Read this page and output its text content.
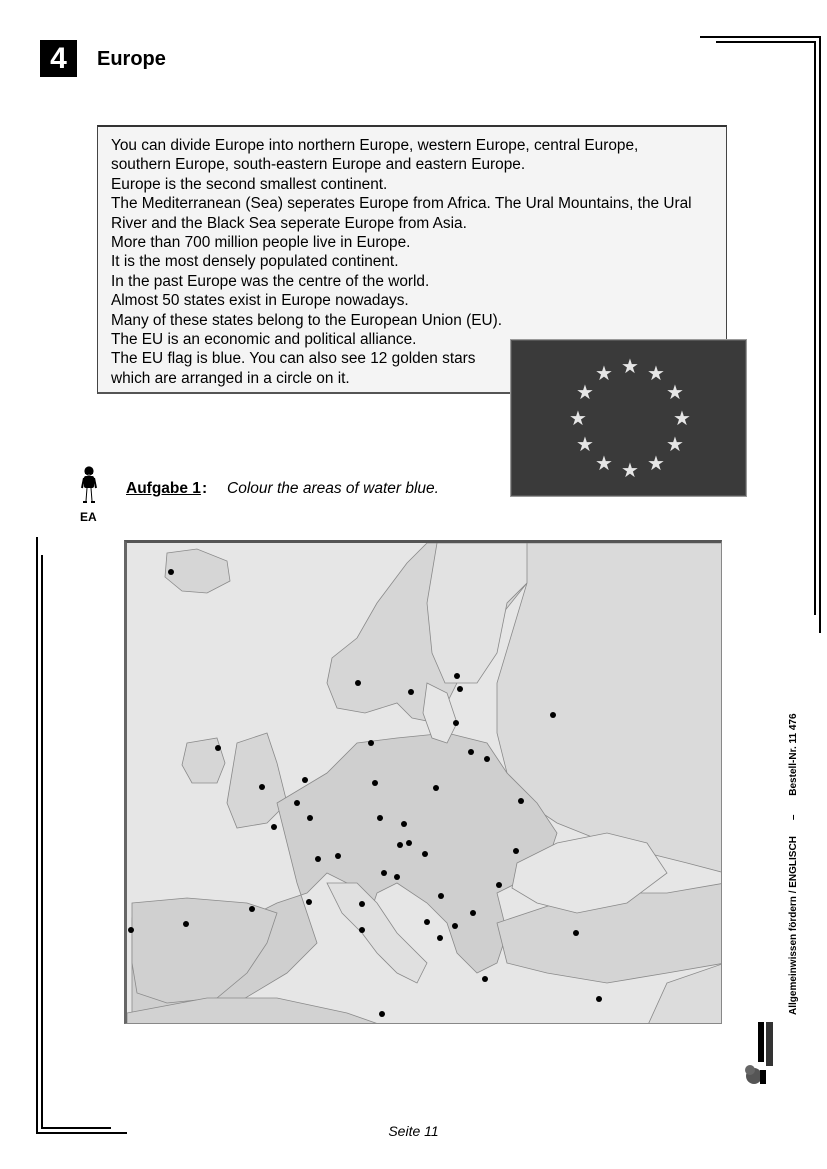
4	Europe

You can divide Europe into northern Europe, western Europe, central Europe,

southern Europe, south-eastern Europe and eastern Europe.

Europe is the second smallest continent.

The Mediterranean (Sea) seperates Europe from Africa. The Ural Mountains, the Ural

River and the Black Sea seperate Europe from Asia.

More than 700 million people live in Europe.

It is the most densely populated continent.

In the past Europe was the centre of the world.

Almost 50 states exist in Europe nowadays.

Many of these states belong to the European Union (EU).

The EU is an economic and political alliance.

The EU flag is blue. You can also see 12 golden stars

which are arranged in a circle on it.

★ ★
★
★
★
★
★
★
★
★
★
★
EA
Aufgabe 1 : Colour the areas of water blue.
Allgemeinwissen fördern / ENGLISCH– Bestell-Nr. 11 476
Seite 11
